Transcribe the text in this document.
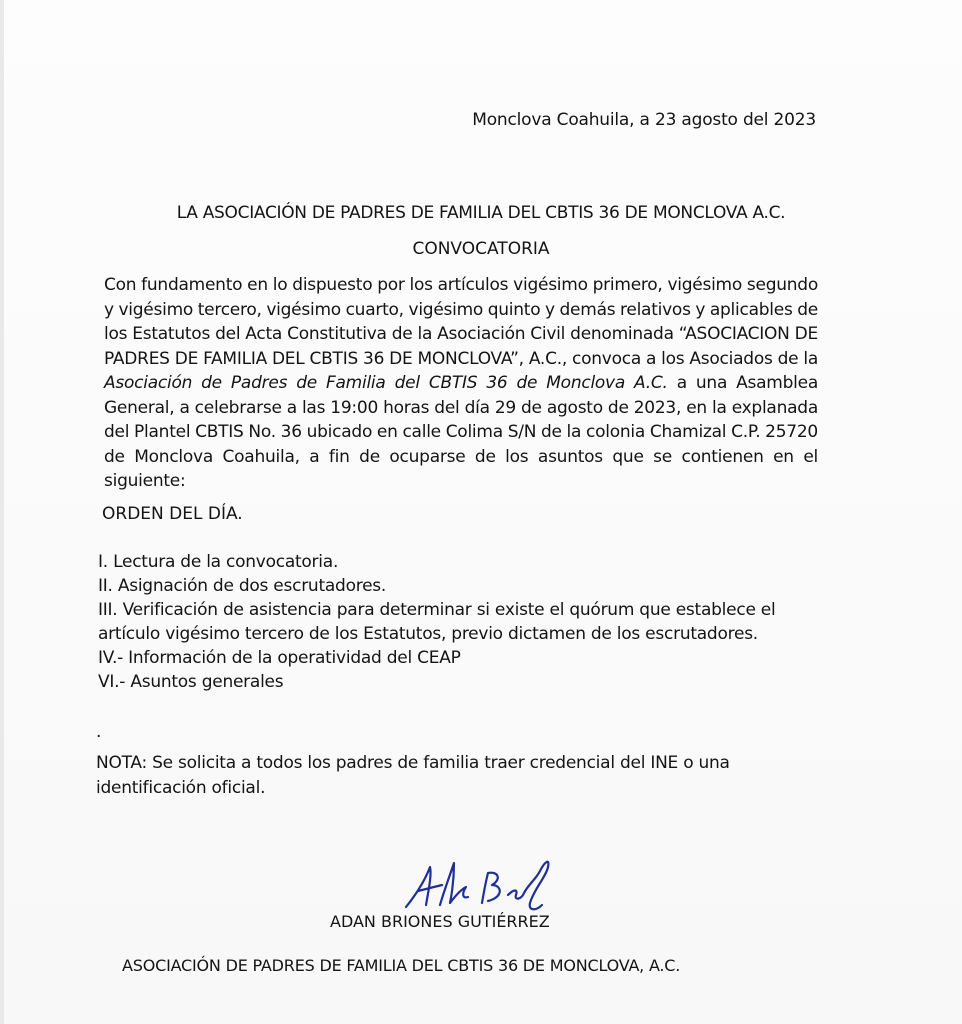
Monclova Coahuila, a 23 agosto del 2023
LA ASOCIACIÓN DE PADRES DE FAMILIA DEL CBTIS 36 DE MONCLOVA A.C.
CONVOCATORIA

Con fundamento en lo dispuesto por los artículos vigésimo primero, vigésimo segundo y vigésimo tercero, vigésimo cuarto, vigésimo quinto y demás relativos y aplicables de los Estatutos del Acta Constitutiva de la Asociación Civil denominada “ASOCIACION DE PADRES DE FAMILIA DEL CBTIS 36 DE MONCLOVA”, A.C., convoca a los Asociados de la Asociación de Padres de Familia del CBTIS 36 de Monclova A.C. a una Asamblea General, a celebrarse a las 19:00 horas del día 29 de agosto de 2023, en la explanada del Plantel CBTIS No. 36 ubicado en calle Colima S/N de la colonia Chamizal C.P. 25720 de Monclova Coahuila, a fin de ocuparse de los asuntos que se contienen en el siguiente:

ORDEN DEL DÍA.
I. Lectura de la convocatoria.
II. Asignación de dos escrutadores.
III. Verificación de asistencia para determinar si existe el quórum que establece el artículo vigésimo tercero de los Estatutos, previo dictamen de los escrutadores.
IV.- Información de la operatividad del CEAP
VI.- Asuntos generales
.
NOTA: Se solicita a todos los padres de familia traer credencial del INE o una identificación oficial.
ADAN BRIONES GUTIÉRREZ
ASOCIACIÓN DE PADRES DE FAMILIA DEL CBTIS 36 DE MONCLOVA, A.C.
